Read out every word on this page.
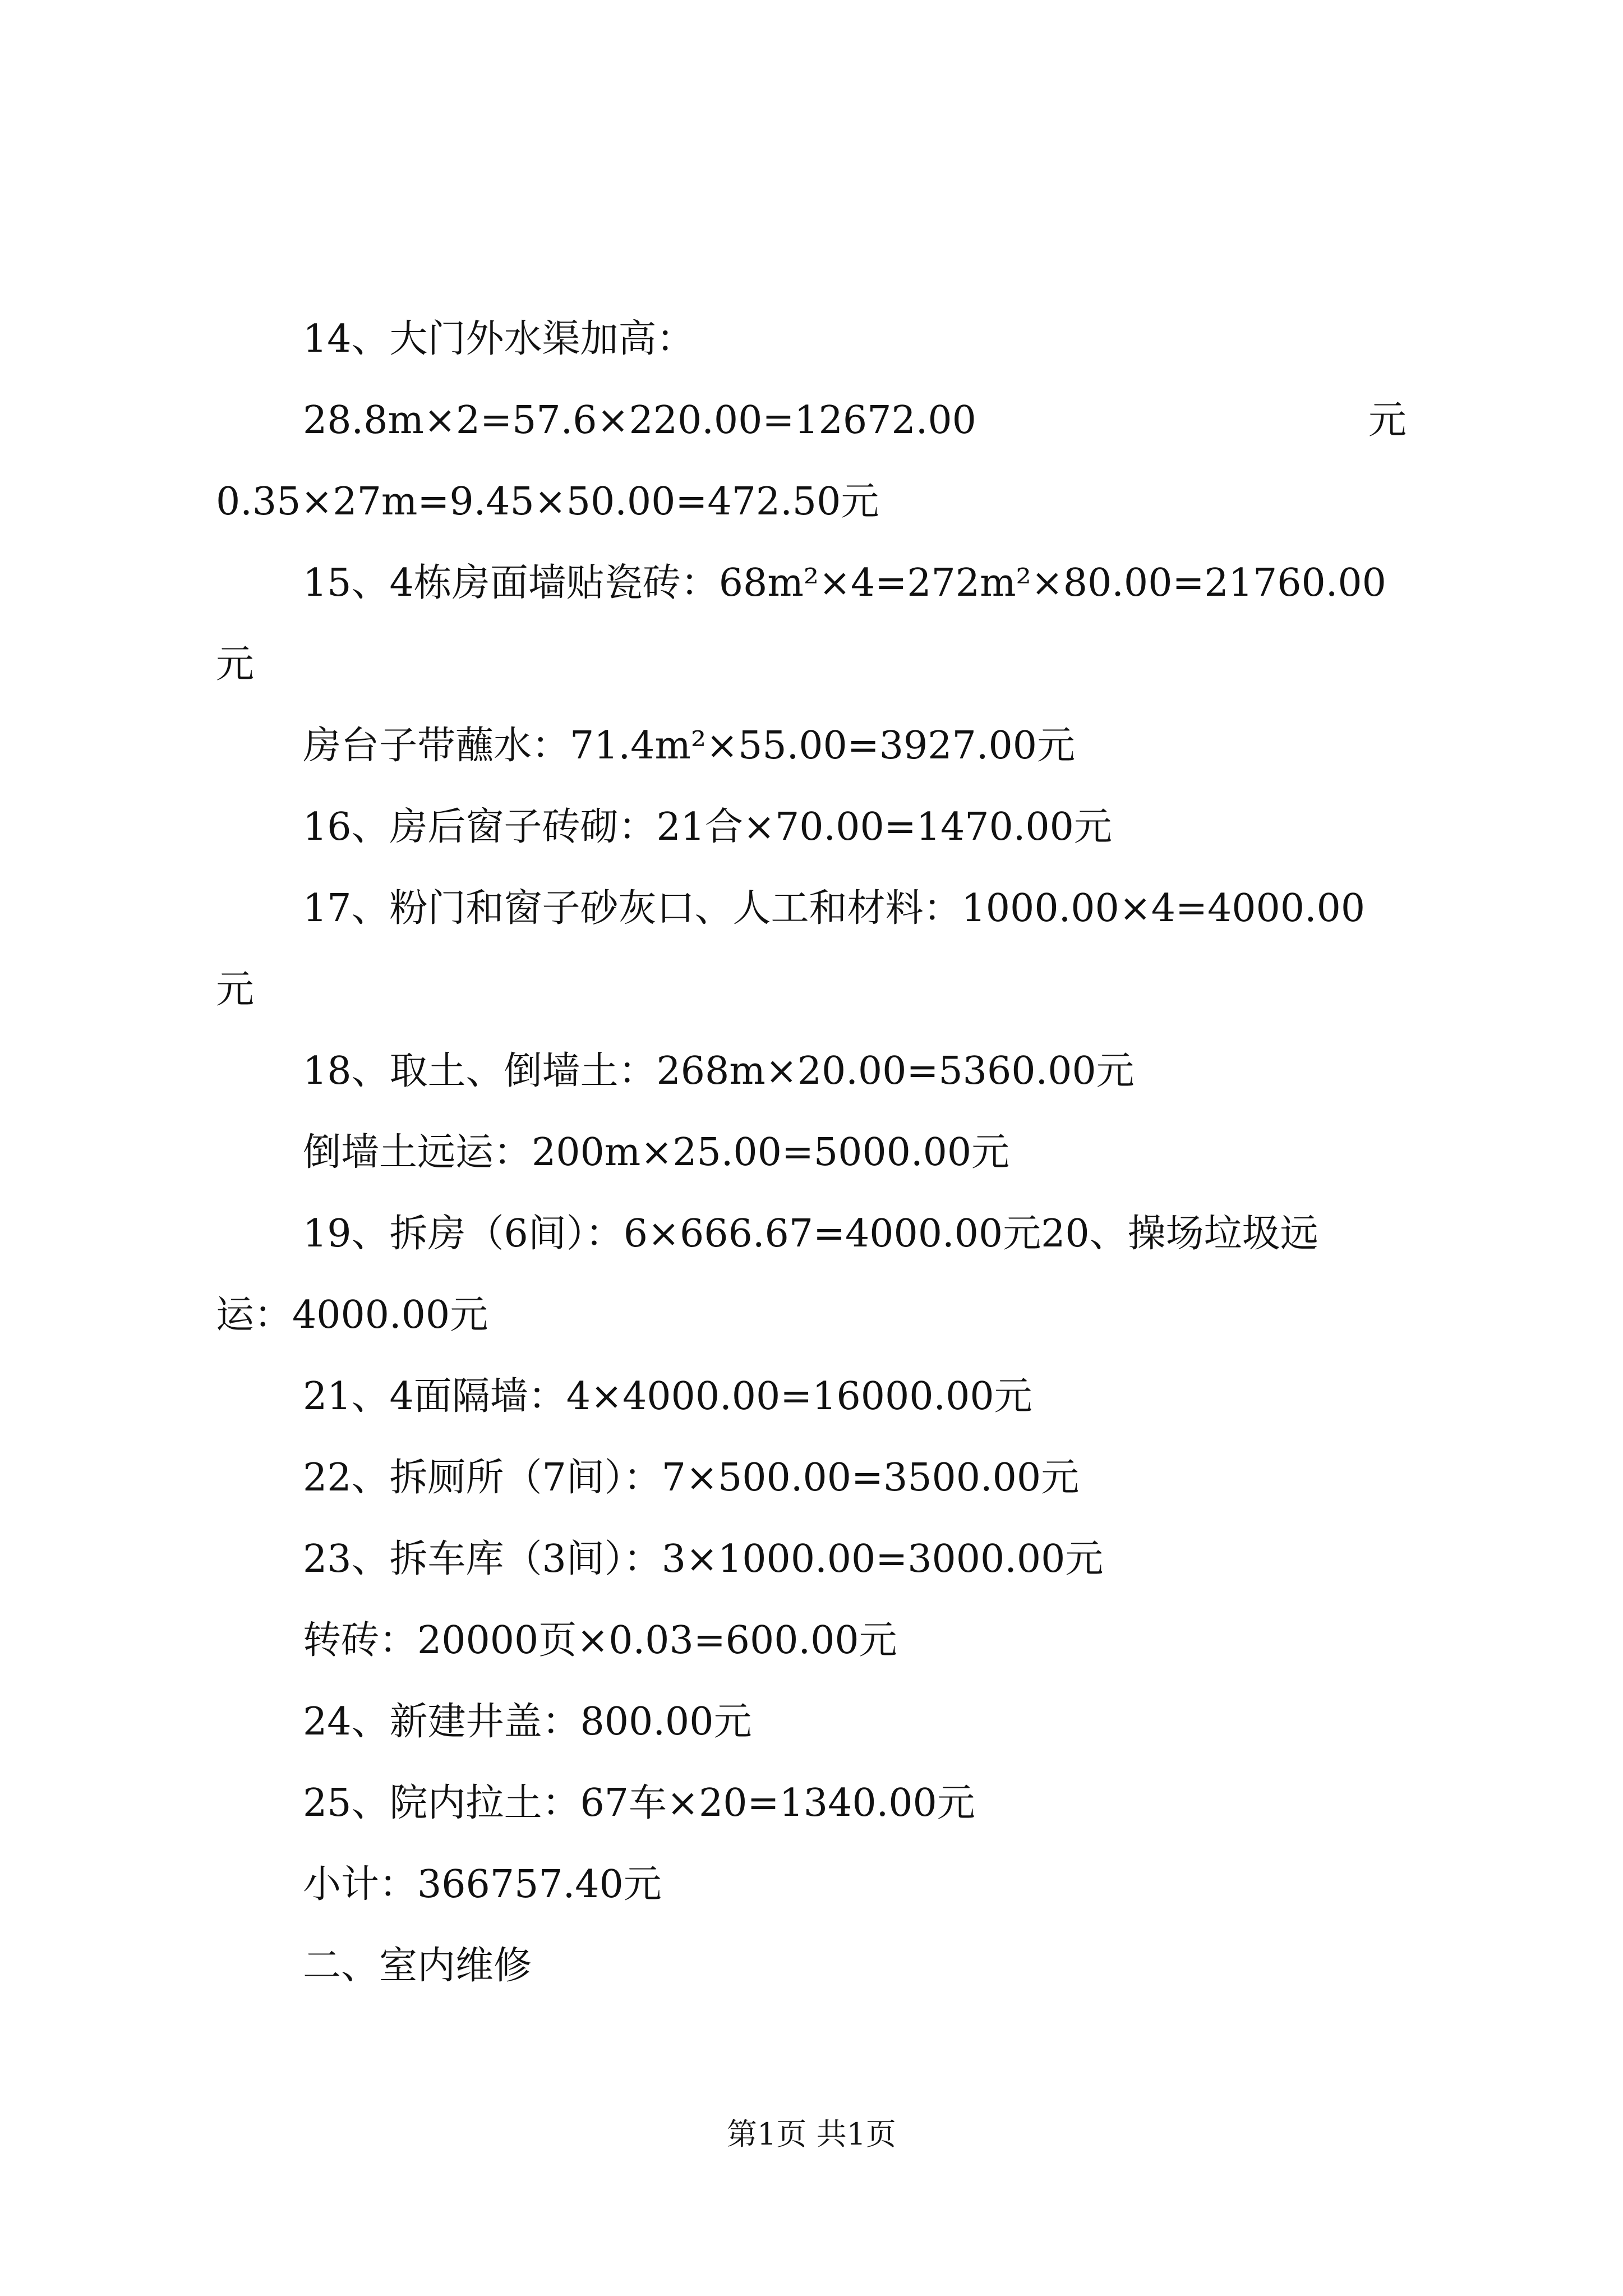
14、大门外水渠加高：

28.8m×2=57.6×220.00=12672.00	元

0.35×27m=9.45×50.00=472.50元

15、4栋房面墙贴瓷砖：68m²×4=272m²×80.00=21760.00

元

房台子带蘸水：71.4m²×55.00=3927.00元

16、房后窗子砖砌：21合×70.00=1470.00元

17、粉门和窗子砂灰口、人工和材料：1000.00×4=4000.00

元

18、取土、倒墙土：268m×20.00=5360.00元

倒墙土远运：200m×25.00=5000.00元

19、拆房（6间）：6×666.67=4000.00元20、操场垃圾远

运：4000.00元

21、4面隔墙：4×4000.00=16000.00元

22、拆厕所（7间）：7×500.00=3500.00元

23、拆车库（3间）：3×1000.00=3000.00元

转砖：20000页×0.03=600.00元

24、新建井盖：800.00元

25、院内拉土：67车×20=1340.00元

小计：366757.40元

二、室内维修

第1页 共1页
